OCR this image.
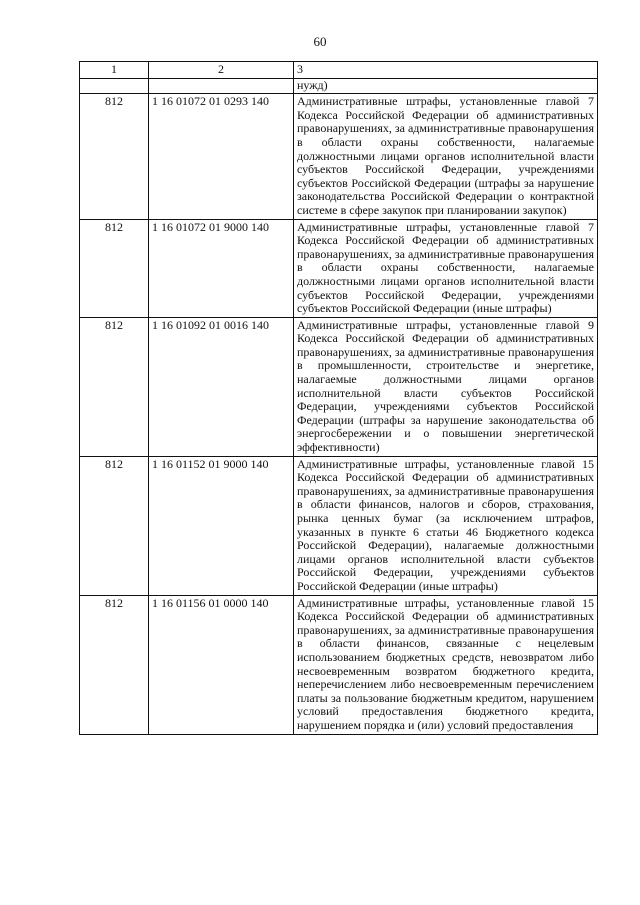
60
1	2	3
		нужд)
812	1 16 01072 01 0293 140	Административные штрафы, установленные главой 7 Кодекса Российской Федерации об административных правонарушениях, за административные правонарушения в области охраны собственности, налагаемые должностными лицами органов исполнительной власти субъектов Российской Федерации, учреждениями субъектов Российской Федерации (штрафы за нарушение законодательства Российской Федерации о контрактной системе в сфере закупок при планировании закупок)
812	1 16 01072 01 9000 140	Административные штрафы, установленные главой 7 Кодекса Российской Федерации об административных правонарушениях, за административные правонарушения в области охраны собственности, налагаемые должностными лицами органов исполнительной власти субъектов Российской Федерации, учреждениями субъектов Российской Федерации (иные штрафы)
812	1 16 01092 01 0016 140	Административные штрафы, установленные главой 9 Кодекса Российской Федерации об административных правонарушениях, за административные правонарушения в промышленности, строительстве и энергетике, налагаемые должностными лицами органов исполнительной власти субъектов Российской Федерации, учреждениями субъектов Российской Федерации (штрафы за нарушение законодательства об энергосбережении и о повышении энергетической эффективности)
812	1 16 01152 01 9000 140	Административные штрафы, установленные главой 15 Кодекса Российской Федерации об административных правонарушениях, за административные правонарушения в области финансов, налогов и сборов, страхования, рынка ценных бумаг (за исключением штрафов, указанных в пункте 6 статьи 46 Бюджетного кодекса Российской Федерации), налагаемые должностными лицами органов исполнительной власти субъектов Российской Федерации, учреждениями субъектов Российской Федерации (иные штрафы)
812	1 16 01156 01 0000 140	Административные штрафы, установленные главой 15 Кодекса Российской Федерации об административных правонарушениях, за административные правонарушения в области финансов, связанные с нецелевым использованием бюджетных средств, невозвратом либо несвоевременным возвратом бюджетного кредита, неперечислением либо несвоевременным перечислением платы за пользование бюджетным кредитом, нарушением условий предоставления бюджетного кредита, нарушением порядка и (или) условий предоставления
